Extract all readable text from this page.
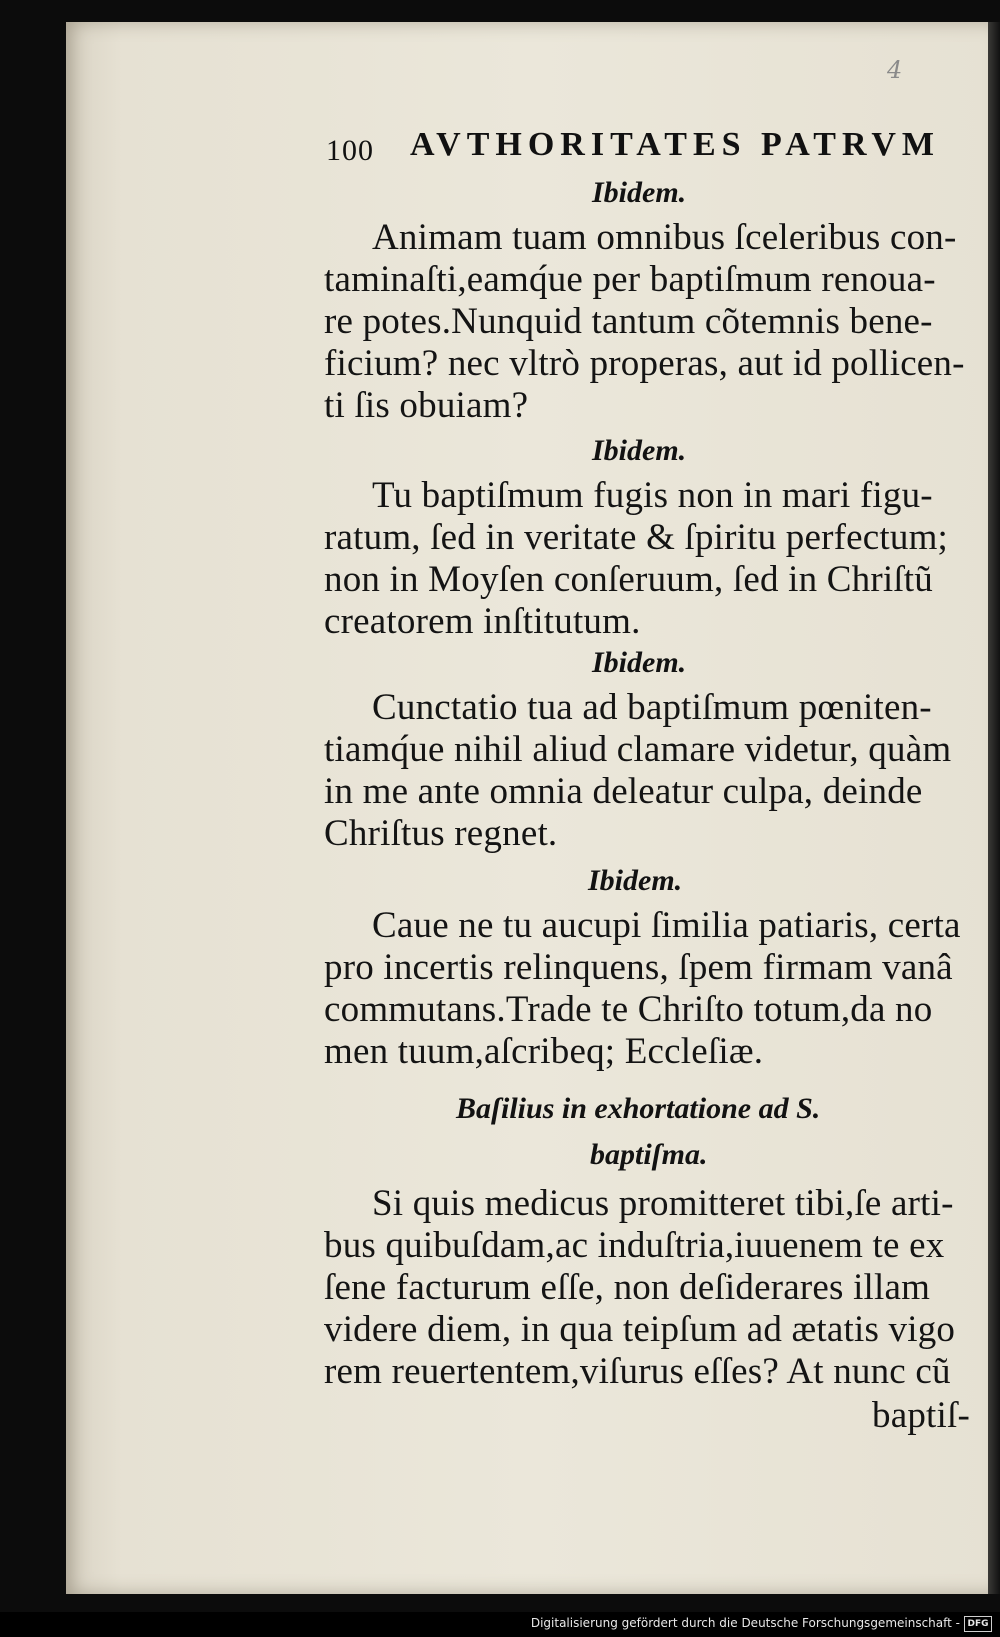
4
100 AVTHORITATES PATRVM
Ibidem.
Animam tuam omnibus ſceleribus con-
taminaſti,eamq́ue per baptiſmum renoua-
re potes.Nunquid tantum cõtemnis bene-
ficium? nec vltrò properas, aut id pollicen-
ti ſis obuiam?
Ibidem.
Tu baptiſmum fugis non in mari figu-
ratum, ſed in veritate & ſpiritu perfectum;
non in Moyſen conſeruum, ſed in Chriſtũ
creatorem inſtitutum.
Ibidem.
Cunctatio tua ad baptiſmum pœniten-
tiamq́ue nihil aliud clamare videtur, quàm
in me ante omnia deleatur culpa, deinde
Chriſtus regnet.
Ibidem.
Caue ne tu aucupi ſimilia patiaris, certa
pro incertis relinquens, ſpem firmam vanâ
commutans.Trade te Chriſto totum,da no
men tuum,aſcribeq; Eccleſiæ.
Baſilius in exhortatione ad S.
baptiſma.
Si quis medicus promitteret tibi,ſe arti-
bus quibuſdam,ac induſtria,iuuenem te ex
ſene facturum eſſe, non deſiderares illam
videre diem, in qua teipſum ad ætatis vigo
rem reuertentem,viſurus eſſes? At nunc cũ
baptiſ-
Digitalisierung gefördert durch die Deutsche Forschungsgemeinschaft - DFG
